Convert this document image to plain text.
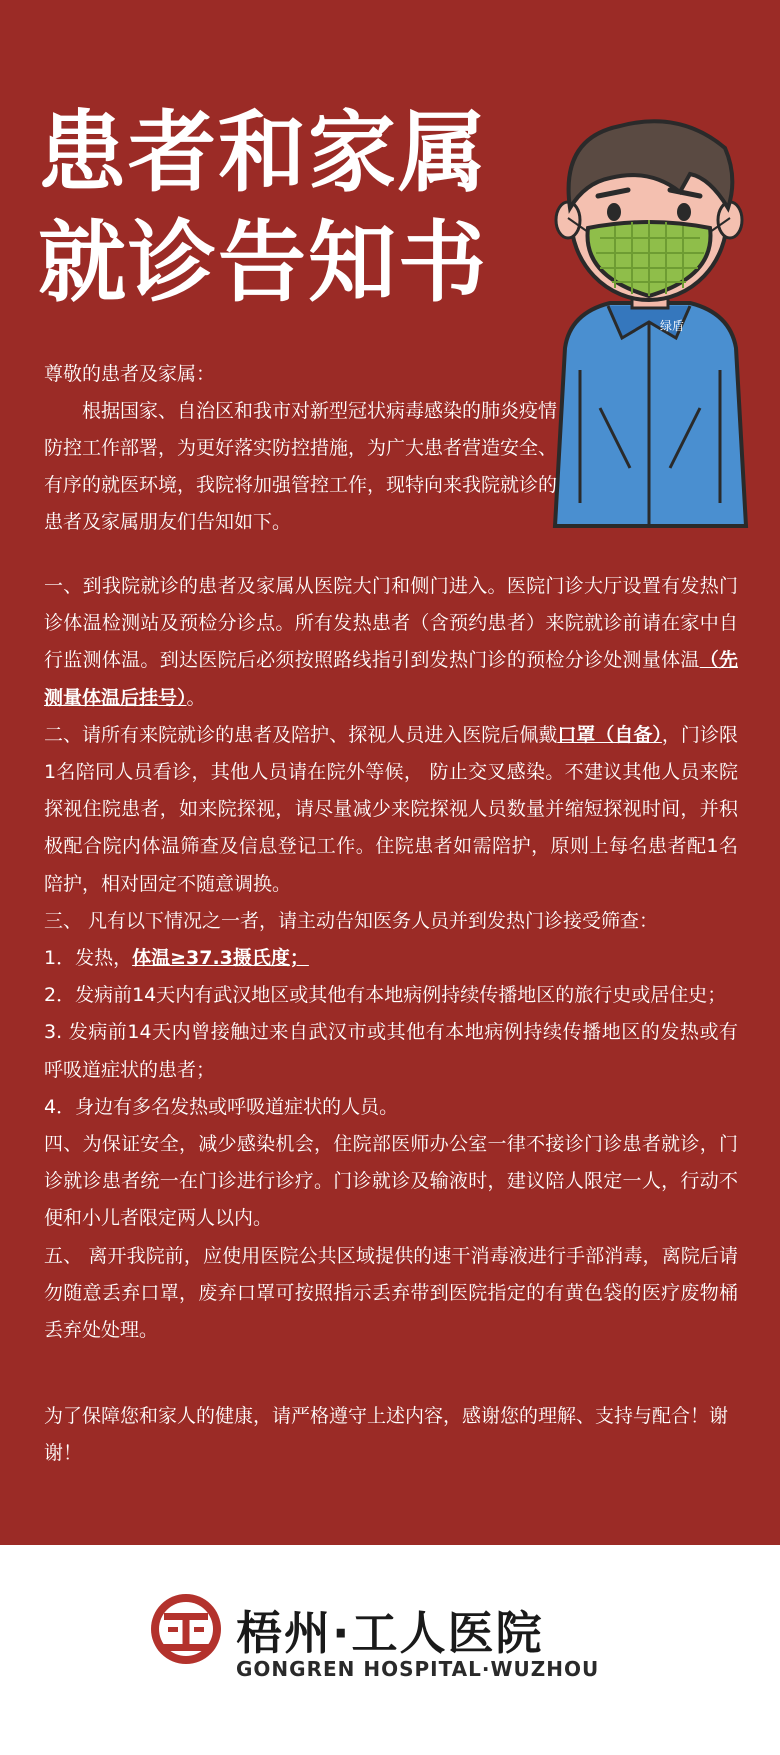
患者和家属
就诊告知书
绿盾

尊敬的患者及家属：

根据国家、自治区和我市对新型冠状病毒感染的肺炎疫情防控工作部署，为更好落实防控措施，为广大患者营造安全、有序的就医环境，我院将加强管控工作，现特向来我院就诊的患者及家属朋友们告知如下。

一、到我院就诊的患者及家属从医院大门和侧门进入。医院门诊大厅设置有发热门诊体温检测站及预检分诊点。所有发热患者（含预约患者）来院就诊前请在家中自行监测体温。到达医院后必须按照路线指引到发热门诊的预检分诊处测量体温（先测量体温后挂号）。

二、请所有来院就诊的患者及陪护、探视人员进入医院后佩戴口罩（自备），门诊限1名陪同人员看诊，其他人员请在院外等候， 防止交叉感染。不建议其他人员来院探视住院患者，如来院探视，请尽量减少来院探视人员数量并缩短探视时间，并积极配合院内体温筛查及信息登记工作。住院患者如需陪护，原则上每名患者配1名陪护，相对固定不随意调换。

三、 凡有以下情况之一者，请主动告知医务人员并到发热门诊接受筛查：

1．发热，体温≥37.3摄氏度；

2．发病前14天内有武汉地区或其他有本地病例持续传播地区的旅行史或居住史；

3. 发病前14天内曾接触过来自武汉市或其他有本地病例持续传播地区的发热或有呼吸道症状的患者；

4．身边有多名发热或呼吸道症状的人员。

四、为保证安全，减少感染机会，住院部医师办公室一律不接诊门诊患者就诊，门诊就诊患者统一在门诊进行诊疗。门诊就诊及输液时，建议陪人限定一人，行动不便和小儿者限定两人以内。

五、 离开我院前，应使用医院公共区域提供的速干消毒液进行手部消毒，离院后请勿随意丢弃口罩，废弃口罩可按照指示丢弃带到医院指定的有黄色袋的医疗废物桶丢弃处处理。

为了保障您和家人的健康，请严格遵守上述内容，感谢您的理解、支持与配合！谢谢！

梧州·工人医院
GONGREN HOSPITAL·WUZHOU
